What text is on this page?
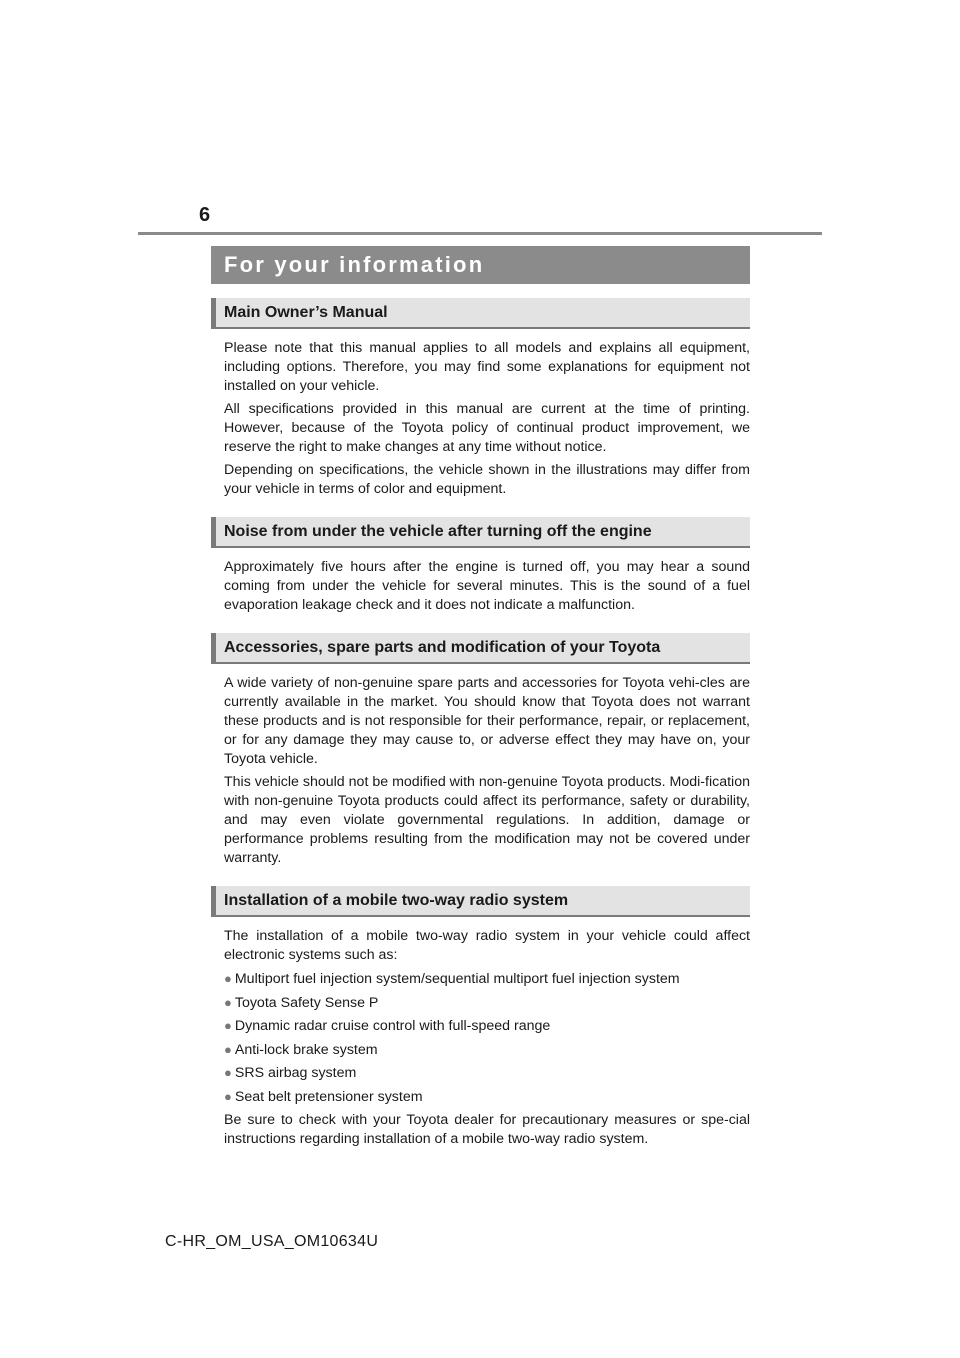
6
For your information
Main Owner’s Manual

Please note that this manual applies to all models and explains all equipment, including options. Therefore, you may find some explanations for equipment not installed on your vehicle.

All specifications provided in this manual are current at the time of printing. However, because of the Toyota policy of continual product improvement, we reserve the right to make changes at any time without notice.

Depending on specifications, the vehicle shown in the illustrations may differ from your vehicle in terms of color and equipment.

Noise from under the vehicle after turning off the engine

Approximately five hours after the engine is turned off, you may hear a sound coming from under the vehicle for several minutes. This is the sound of a fuel evaporation leakage check and it does not indicate a malfunction.

Accessories, spare parts and modification of your Toyota

A wide variety of non-genuine spare parts and accessories for Toyota vehi-cles are currently available in the market. You should know that Toyota does not warrant these products and is not responsible for their performance, repair, or replacement, or for any damage they may cause to, or adverse effect they may have on, your Toyota vehicle.

This vehicle should not be modified with non-genuine Toyota products. Modi-fication with non-genuine Toyota products could affect its performance, safety or durability, and may even violate governmental regulations. In addition, damage or performance problems resulting from the modification may not be covered under warranty.

Installation of a mobile two-way radio system

The installation of a mobile two-way radio system in your vehicle could affect electronic systems such as:

● Multiport fuel injection system/sequential multiport fuel injection system
● Toyota Safety Sense P
● Dynamic radar cruise control with full-speed range
● Anti-lock brake system
● SRS airbag system
● Seat belt pretensioner system

Be sure to check with your Toyota dealer for precautionary measures or spe-cial instructions regarding installation of a mobile two-way radio system.

C-HR_OM_USA_OM10634U
